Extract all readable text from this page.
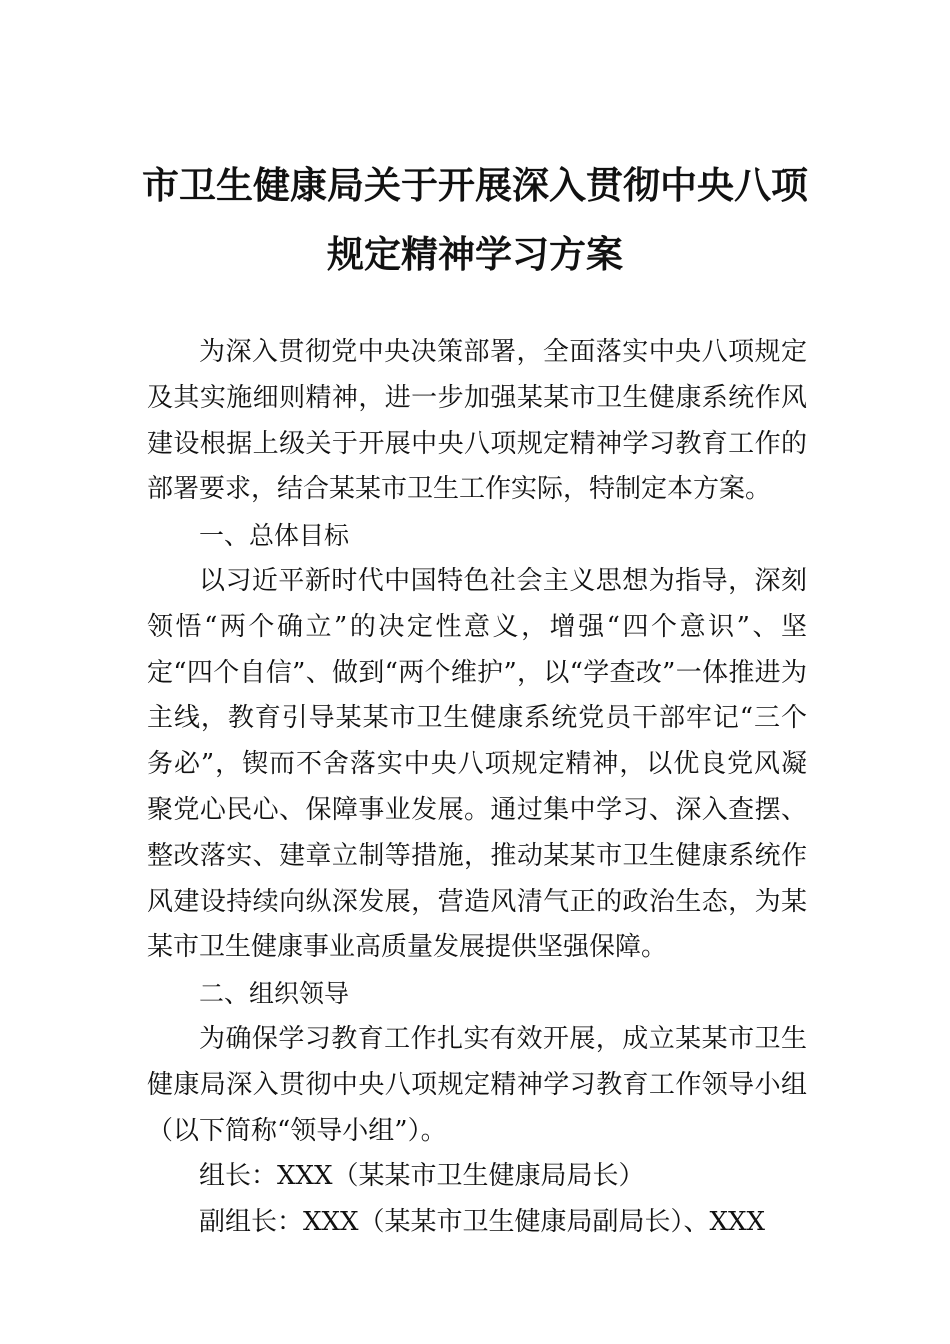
市卫生健康局关于开展深入贯彻中央八项
规定精神学习方案

为深入贯彻党中央决策部署，全面落实中央八项规定及其实施细则精神，进一步加强某某市卫生健康系统作风建设根据上级关于开展中央八项规定精神学习教育工作的部署要求，结合某某市卫生工作实际，特制定本方案。

一、总体目标

以习近平新时代中国特色社会主义思想为指导，深刻领悟“两个确立”的决定性意义，增强“四个意识”、坚定“四个自信”、做到“两个维护”，以“学查改”一体推进为主线，教育引导某某市卫生健康系统党员干部牢记“三个务必”，锲而不舍落实中央八项规定精神，以优良党风凝聚党心民心、保障事业发展。通过集中学习、深入查摆、整改落实、建章立制等措施，推动某某市卫生健康系统作风建设持续向纵深发展，营造风清气正的政治生态，为某某市卫生健康事业高质量发展提供坚强保障。

二、组织领导

为确保学习教育工作扎实有效开展，成立某某市卫生健康局深入贯彻中央八项规定精神学习教育工作领导小组（以下简称“领导小组”）。

组长：XXX（某某市卫生健康局局长）

副组长：XXX（某某市卫生健康局副局长）、XXX
